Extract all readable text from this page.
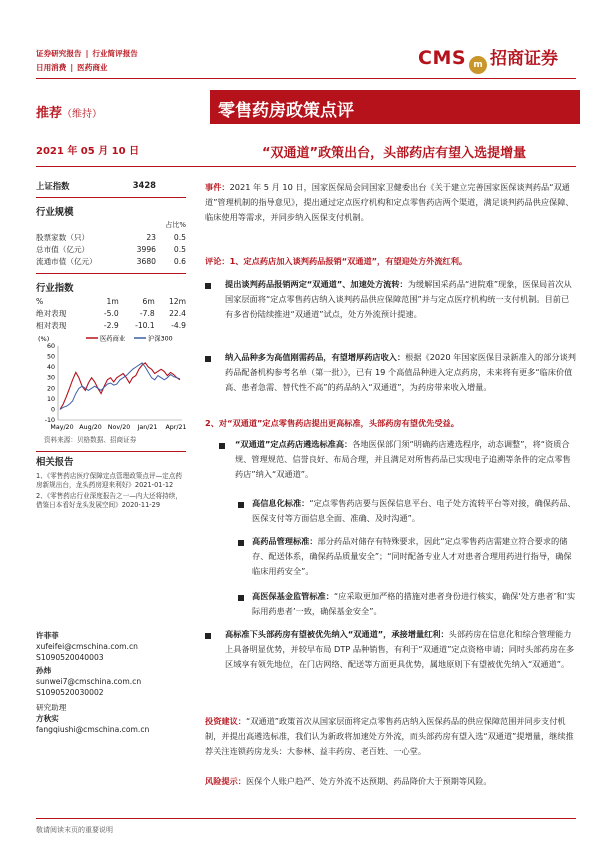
证券研究报告 | 行业简评报告
日用消费 | 医药商业	CMS m 招商证券
推荐（维持）	零售药房政策点评
2021 年 05 月 10 日	“双通道”政策出台，头部药店有望入选提增量
上证指数	3428
行业规模
占比%
股票家数（只）	23	0.5
总市值（亿元）	3996	0.5
流通市值（亿元）	3680	0.6
行业指数
%	1m	6m	12m
绝对表现	-5.0	-7.8	22.4
相对表现	-2.9	-10.1	-4.9
(%)
60
50
40
30
20
10
0
-10
May/20 Aug/20 Nov/20 Jan/21 Apr/21
医药商业	沪深300
资料来源：贝格数据、招商证券
相关报告
1、《零售药店医疗保障定点管理政策点评—定点药房新规出台，龙头药房迎来利好》2021-01-12
2、《零售药店行业深度报告之一—内大还将持续，借鉴日本看好龙头发展空间》2020-11-29
许菲菲
xufeifei@cmschina.com.cn
S1090520040003
孙炜
sunwei7@cmschina.com.cn
S1090520030002
研究助理
方秋实
fangqiushi@cmschina.com.cn
事件：2021 年 5 月 10 日，国家医保局会同国家卫健委出台《关于建立完善国家医保谈判药品“双通道”管理机制的指导意见》，提出通过定点医疗机构和定点零售药店两个渠道，满足谈判药品供应保障、临床使用等需求，并同步纳入医保支付机制。
评论：1、定点药店加入谈判药品报销“双通道”，有望迎处方外流红利。
提出谈判药品报销两定“双通道”、加速处方流转：为缓解国采药品“进院难”现象，医保局首次从国家层面将“定点零售药店纳入谈判药品供应保障范围”并与定点医疗机构统一支付机制。目前已有多省份陆续推进“双通道”试点，处方外流预计提速。
纳入品种多为高值刚需药品，有望增厚药店收入：根据《2020 年国家医保目录新准入的部分谈判药品配备机构参考名单（第一批）》，已有 19 个高值品种进入定点药房，未来将有更多“临床价值高、患者急需、替代性不高”的药品纳入“双通道”，为药房带来收入增量。
2、对“双通道”定点零售药店提出更高标准，头部药房有望优先受益。
“双通道”定点药店遴选标准高：各地医保部门须“明确药店遴选程序，动态调整”，将“资质合规、管理规范、信誉良好、布局合理，并且满足对所售药品已实现电子追溯等条件的定点零售药店”纳入“双通道”。
高信息化标准：“定点零售药店要与医保信息平台、电子处方流转平台等对接，确保药品、医保支付等方面信息全面、准确、及时沟通”。
高药品管理标准：部分药品对储存有特殊要求，因此“定点零售药店需建立符合要求的储存、配送体系，确保药品质量安全”；“同时配备专业人才对患者合理用药进行指导，确保临床用药安全”。
高医保基金监管标准：“应采取更加严格的措施对患者身份进行核实，确保‘处方患者’和‘实际用药患者’一致，确保基金安全”。
高标准下头部药房有望被优先纳入“双通道”，承接增量红利：头部药房在信息化和综合管理能力上具备明显优势，并较早布局 DTP 品种销售，有利于“双通道”定点资格申请；同时头部药房在多区域享有领先地位，在门店网络、配送等方面更具优势，属地原则下有望被优先纳入“双通道”。
投资建议：“双通道”政策首次从国家层面将定点零售药店纳入医保药品的供应保障范围并同步支付机制，并提出高遴选标准，我们认为新政将加速处方外流，而头部药房有望入选“双通道”提增量，继续推荐关注连锁药房龙头：大参林、益丰药房、老百姓、一心堂。
风险提示：医保个人账户趋严、处方外流不达预期、药品降价大于预期等风险。
敬请阅读末页的重要说明
